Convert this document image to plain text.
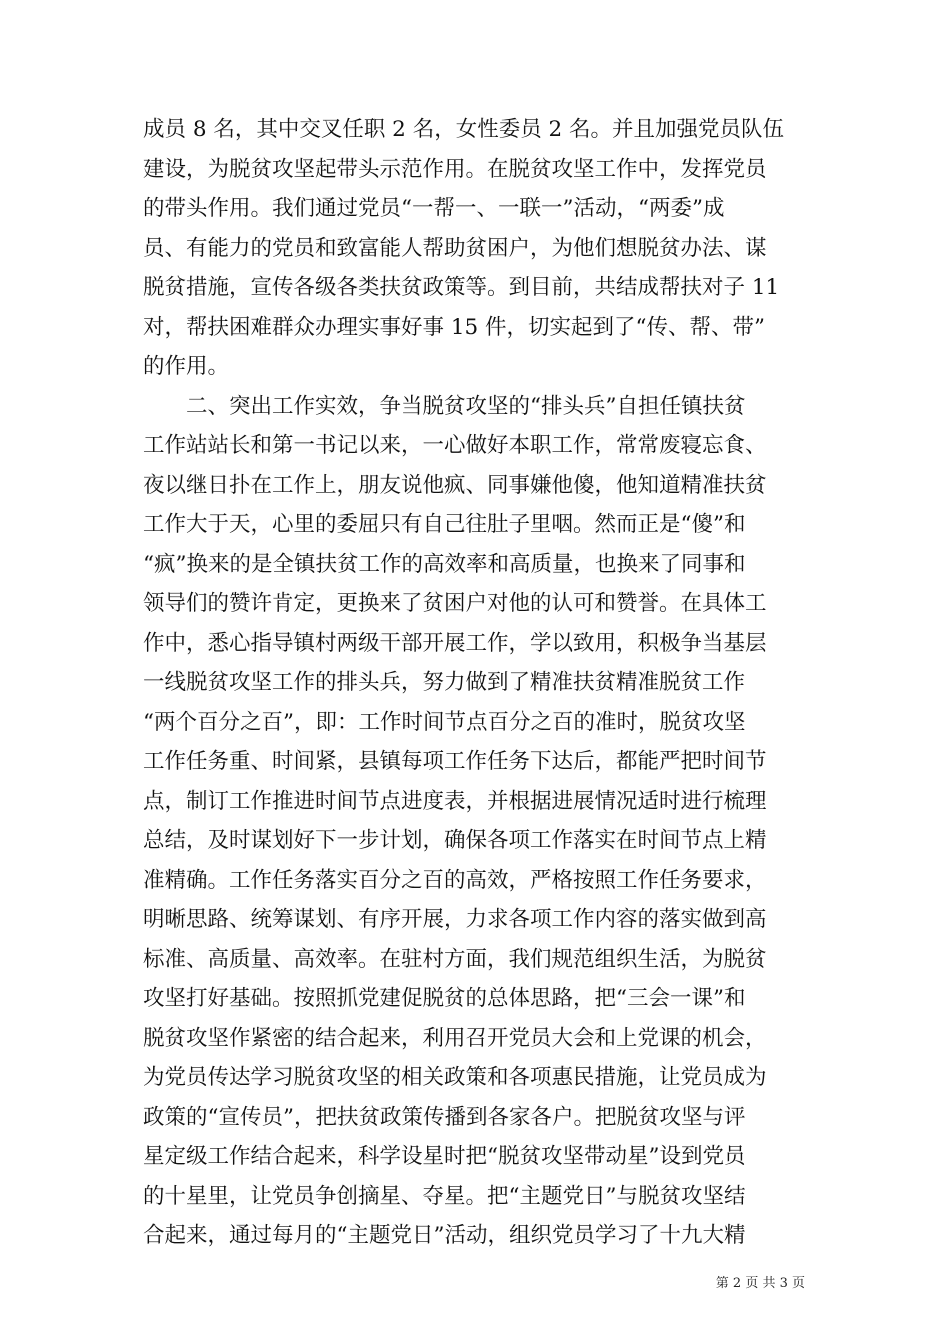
成员 8 名，其中交叉任职 2 名，女性委员 2 名。并且加强党员队伍
建设，为脱贫攻坚起带头示范作用。在脱贫攻坚工作中，发挥党员
的带头作用。我们通过党员“一帮一、一联一”活动，“两委”成
员、有能力的党员和致富能人帮助贫困户，为他们想脱贫办法、谋
脱贫措施，宣传各级各类扶贫政策等。到目前，共结成帮扶对子 11
对，帮扶困难群众办理实事好事 15 件，切实起到了“传、帮、带”
的作用。
　　二、突出工作实效，争当脱贫攻坚的“排头兵”自担任镇扶贫
工作站站长和第一书记以来，一心做好本职工作，常常废寝忘食、
夜以继日扑在工作上，朋友说他疯、同事嫌他傻，他知道精准扶贫
工作大于天，心里的委屈只有自己往肚子里咽。然而正是“傻”和
“疯”换来的是全镇扶贫工作的高效率和高质量，也换来了同事和
领导们的赞许肯定，更换来了贫困户对他的认可和赞誉。在具体工
作中，悉心指导镇村两级干部开展工作，学以致用，积极争当基层
一线脱贫攻坚工作的排头兵，努力做到了精准扶贫精准脱贫工作
“两个百分之百”，即：工作时间节点百分之百的准时，脱贫攻坚
工作任务重、时间紧，县镇每项工作任务下达后，都能严把时间节
点，制订工作推进时间节点进度表，并根据进展情况适时进行梳理
总结，及时谋划好下一步计划，确保各项工作落实在时间节点上精
准精确。工作任务落实百分之百的高效，严格按照工作任务要求，
明晰思路、统筹谋划、有序开展，力求各项工作内容的落实做到高
标准、高质量、高效率。在驻村方面，我们规范组织生活，为脱贫
攻坚打好基础。按照抓党建促脱贫的总体思路，把“三会一课”和
脱贫攻坚作紧密的结合起来，利用召开党员大会和上党课的机会，
为党员传达学习脱贫攻坚的相关政策和各项惠民措施，让党员成为
政策的“宣传员”，把扶贫政策传播到各家各户。把脱贫攻坚与评
星定级工作结合起来，科学设星时把“脱贫攻坚带动星”设到党员
的十星里，让党员争创摘星、夺星。把“主题党日”与脱贫攻坚结
合起来，通过每月的“主题党日”活动，组织党员学习了十九大精
第 2 页 共 3 页
